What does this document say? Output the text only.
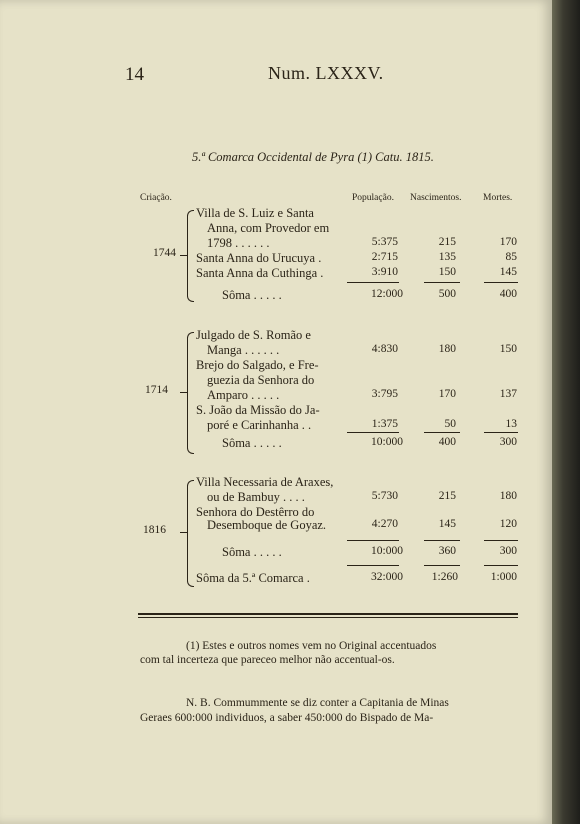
14	Num. LXXXV.
5.ª Comarca Occidental de Pyra (1) Catu. 1815.
Criação.	População. Nascimentos. Mortes.
1744
Villa de S. Luiz e Santa
Anna, com Provedor em
1798 . . . . . .	5:375	215	170
Santa Anna do Urucuya .	2:715	135	85
Santa Anna da Cuthinga .	3:910	150	145
Sôma . . . . .	12:000	500	400
1714
Julgado de S. Romão e
Manga . . . . . .	4:830	180	150
Brejo do Salgado, e Fre-
guezia da Senhora do
Amparo . . . . .	3:795	170	137
S. João da Missão do Ja-
poré e Carinhanha . .	1:375	50	13
Sôma . . . . .	10:000	400	300
1816
Villa Necessaria de Araxes,
ou de Bambuy . . . .	5:730	215	180
Senhora do Destêrro do
Desemboque de Goyaz.	4:270	145	120
Sôma . . . . .	10:000	360	300
Sôma da 5.ª Comarca .	32:000	1:260	1:000
(1) Estes e outros nomes vem no Original accentuados
com tal incerteza que pareceo melhor não accentual-os.
N. B. Commummente se diz conter a Capitania de Minas
Geraes 600:000 individuos, a saber 450:000 do Bispado de Ma-
